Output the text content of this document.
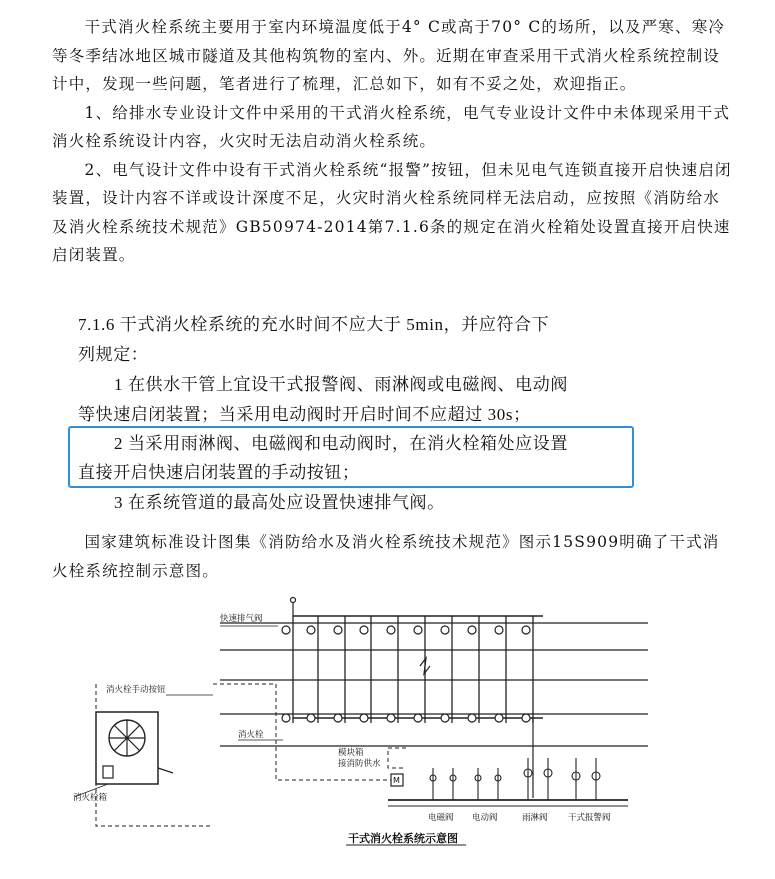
干式消火栓系统主要用于室内环境温度低于4° C或高于70° C的场所，以及严寒、寒冷等冬季结冰地区城市隧道及其他构筑物的室内、外。近期在审查采用干式消火栓系统控制设计中，发现一些问题，笔者进行了梳理，汇总如下，如有不妥之处，欢迎指正。

1、给排水专业设计文件中采用的干式消火栓系统，电气专业设计文件中未体现采用干式消火栓系统设计内容，火灾时无法启动消火栓系统。

2、电气设计文件中设有干式消火栓系统“报警”按钮，但未见电气连锁直接开启快速启闭装置，设计内容不详或设计深度不足，火灾时消火栓系统同样无法启动，应按照《消防给水及消火栓系统技术规范》GB50974-2014第7.1.6条的规定在消火栓箱处设置直接开启快速启闭装置。

7.1.6 干式消火栓系统的充水时间不应大于 5min，并应符合下
列规定：
1 在供水干管上宜设干式报警阀、雨淋阀或电磁阀、电动阀
等快速启闭装置；当采用电动阀时开启时间不应超过 30s；
2 当采用雨淋阀、电磁阀和电动阀时，在消火栓箱处应设置
直接开启快速启闭装置的手动按钮；
3 在系统管道的最高处应设置快速排气阀。

国家建筑标准设计图集《消防给水及消火栓系统技术规范》图示15S909明确了干式消火栓系统控制示意图。

快速排气阀
消火栓手动按钮
消火栓
消火栓箱
模块箱
接消防供水
M
电磁阀 电动阀	雨淋阀 干式报警阀
干式消火栓系统示意图
